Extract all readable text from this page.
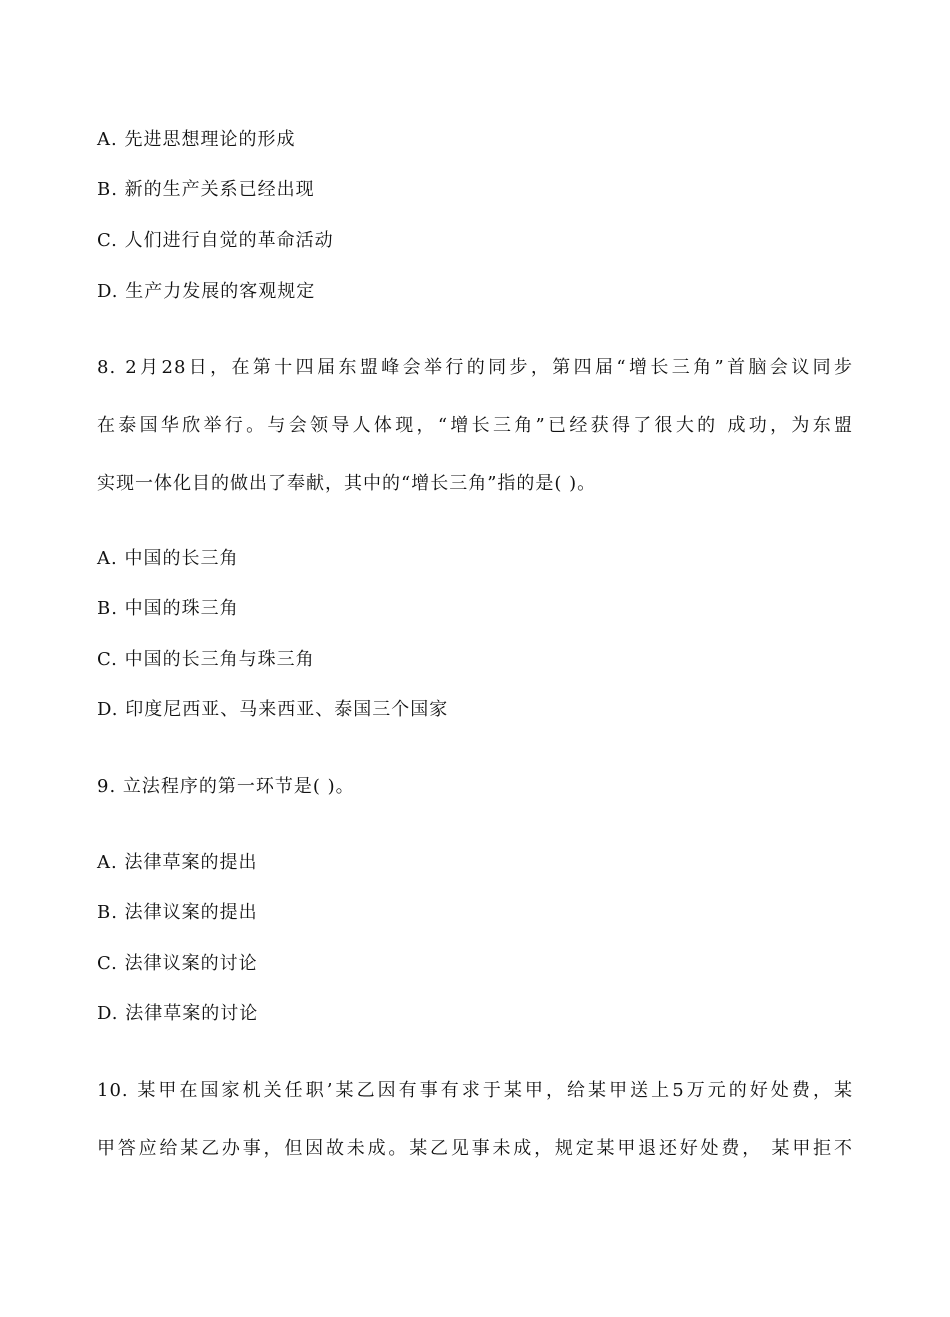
A. 先进思想理论的形成
B. 新的生产关系已经出现
C. 人们进行自觉的革命活动
D. 生产力发展的客观规定
8. 2月28日，在第十四届东盟峰会举行的同步，第四届“增长三角”首脑会议同步
在泰国华欣举行。与会领导人体现，“增长三角”已经获得了很大的 成功，为东盟
实现一体化目的做出了奉献，其中的“增长三角”指的是( )。
A. 中国的长三角
B. 中国的珠三角
C. 中国的长三角与珠三角
D. 印度尼西亚、马来西亚、泰国三个国家
9. 立法程序的第一环节是( )。
A. 法律草案的提出
B. 法律议案的提出
C. 法律议案的讨论
D. 法律草案的讨论
10. 某甲在国家机关任职’某乙因有事有求于某甲，给某甲送上5万元的好处费，某
甲答应给某乙办事，但因故未成。某乙见事未成，规定某甲退还好处费， 某甲拒不
